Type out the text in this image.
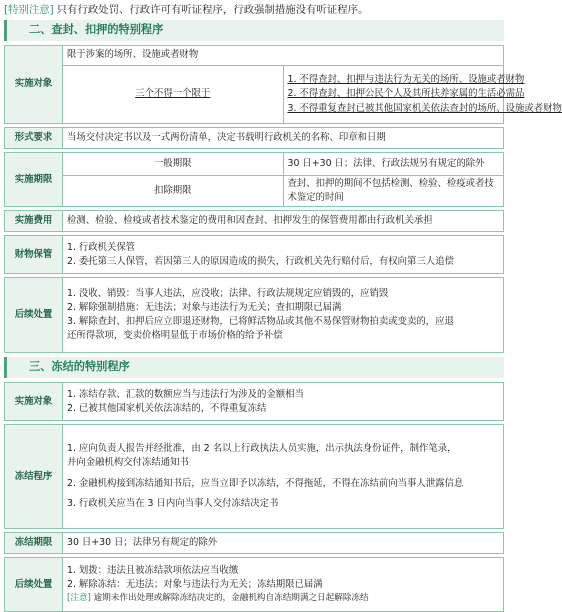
[特别注意] 只有行政处罚、行政许可有听证程序，行政强制措施没有听证程序。
二、查封、扣押的特别程序
实施对象	限于涉案的场所、设施或者财物	
	三个不得一个限于	1. 不得查封、扣押与违法行为无关的场所、设施或者财物
2. 不得查封、扣押公民个人及其所扶养家属的生活必需品
3. 不得重复查封已被其他国家机关依法查封的场所、设施或者财物

形式要求	当场交付决定书以及一式两份清单，决定书载明行政机关的名称、印章和日期	

实施期限	一般期限	30 日+30 日；法律、行政法规另有规定的除外
	扣除期限	查封、扣押的期间不包括检测、检验、检疫或者技术鉴定的时间

实施费用	检测、检验、检疫或者技术鉴定的费用和因查封、扣押发生的保管费用都由行政机关承担	

财物保管	1. 行政机关保管
2. 委托第三人保管，若因第三人的原因造成的损失，行政机关先行赔付后，有权向第三人追偿	

后续处置	1. 没收、销毁：当事人违法，应没收；法律、行政法规规定应销毁的，应销毁
2. 解除强制措施：无违法；对象与违法行为无关；查扣期限已届满
3. 解除查封、扣押后应立即退还财物，已将鲜活物品或其他不易保管财物拍卖或变卖的，应退
还所得款项，变卖价格明显低于市场价格的给予补偿	
三、冻结的特别程序
实施对象	1. 冻结存款、汇款的数额应当与违法行为涉及的金额相当
2. 已被其他国家机关依法冻结的，不得重复冻结

冻结程序	1. 应向负责人报告并经批准，由 2 名以上行政执法人员实施，出示执法身份证件，制作笔录，
并向金融机构交付冻结通知书
2. 金融机构接到冻结通知书后，应当立即予以冻结，不得拖延，不得在冻结前向当事人泄露信息
3. 行政机关应当在 3 日内向当事人交付冻结决定书

冻结期限	30 日+30 日；法律另有规定的除外

后续处置	1. 划拨：违法且被冻结款项依法应当收缴
2. 解除冻结：无违法；对象与违法行为无关；冻结期限已届满
[注意] 逾期未作出处理或解除冻结决定的，金融机构自冻结期满之日起解除冻结
